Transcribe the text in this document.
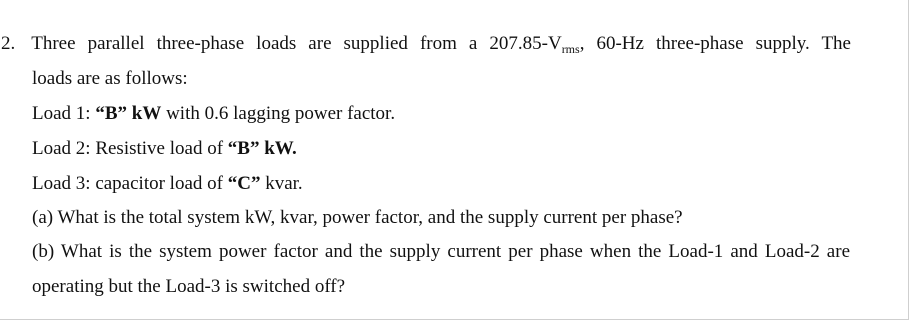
2. Three parallel three-phase loads are supplied from a $207.85-V_{rms}$, 60-Hz three-phase supply. The
loads are as follows:
Load 1: “B” kW with 0.6 lagging power factor.
Load 2: Resistive load of “B” kW.
Load 3: capacitor load of “C” kvar.
(a) What is the total system kW, kvar, power factor, and the supply current per phase?
(b) What is the system power factor and the supply current per phase when the Load-1 and Load-2 are
operating but the Load-3 is switched off?
